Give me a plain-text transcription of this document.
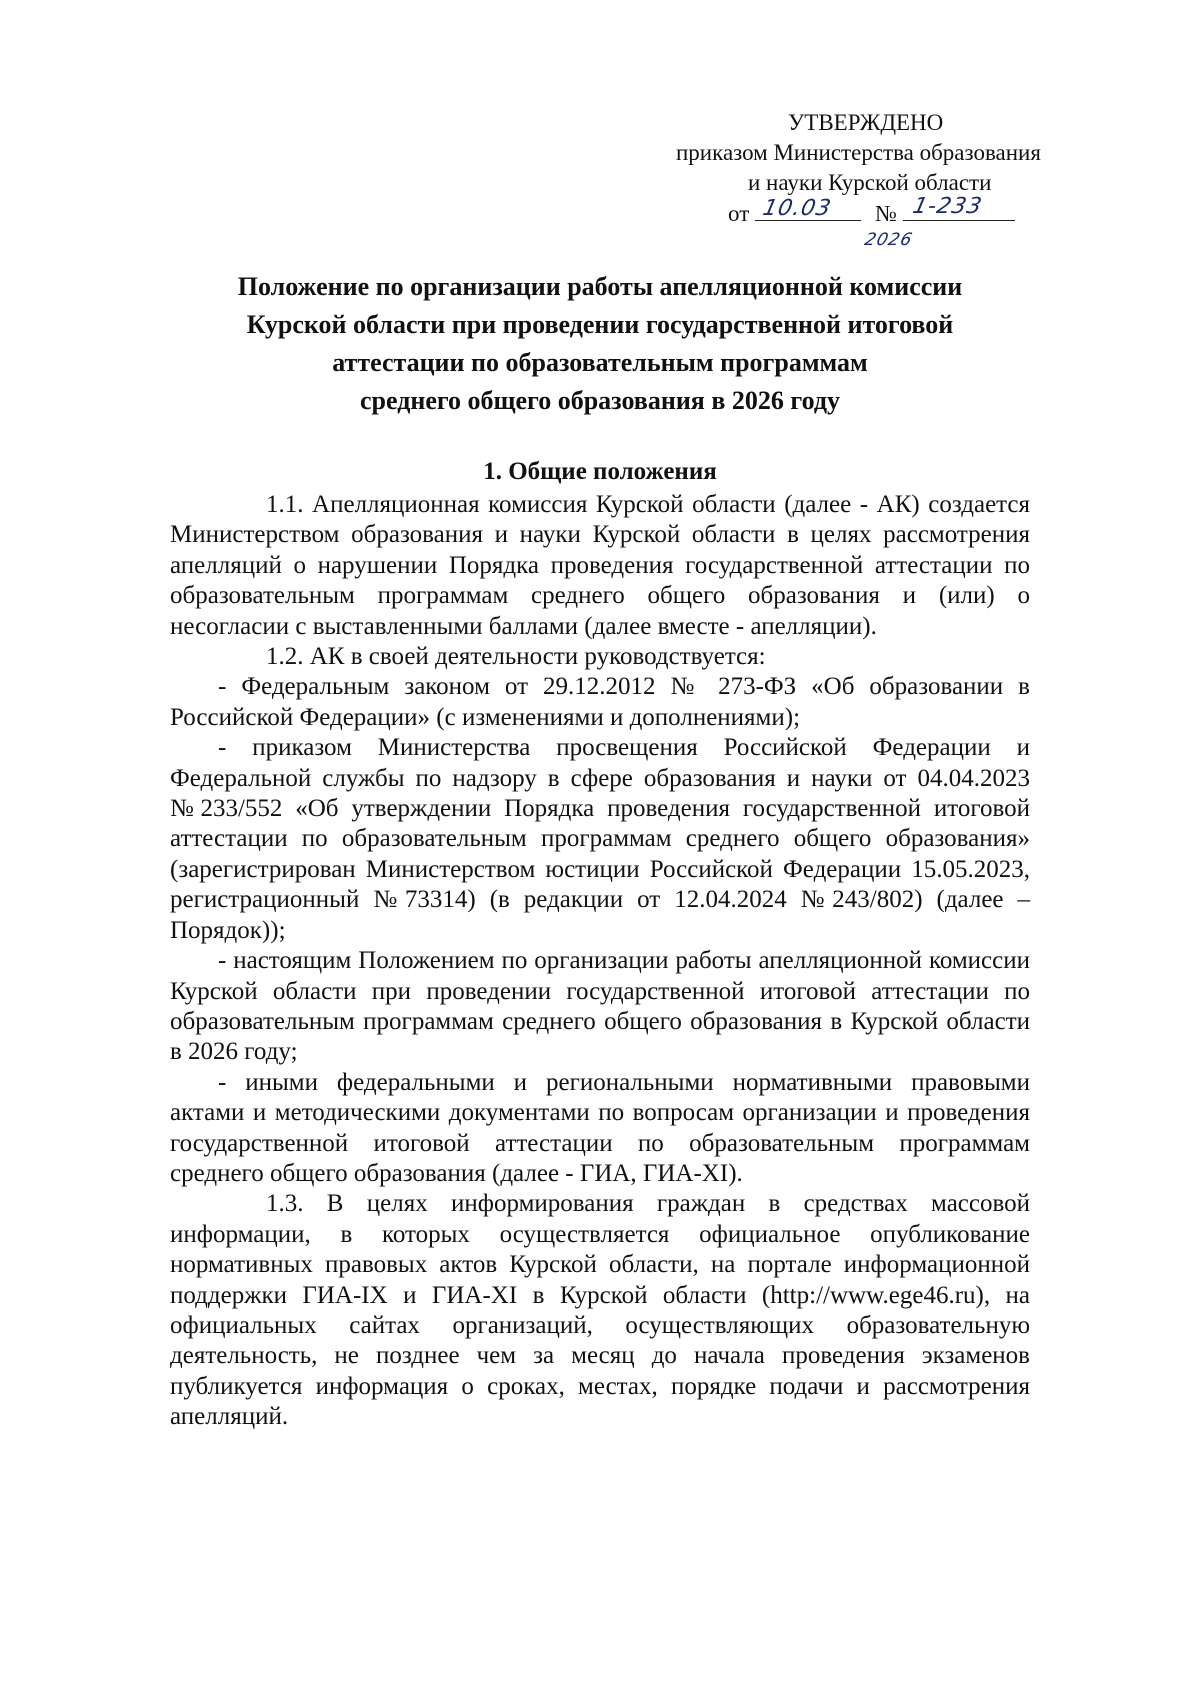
УТВЕРЖДЕНО
приказом Министерства образования
и науки Курской области
от 10.03
2026
№ 1-233
Положение по организации работы апелляционной комиссии
Курской области при проведении государственной итоговой
аттестации по образовательным программам
среднего общего образования в 2026 году
1. Общие положения

1.1. Апелляционная комиссия Курской области (далее - АК) создается Министерством образования и науки Курской области в целях рассмотрения апелляций о нарушении Порядка проведения государственной аттестации по образовательным программам среднего общего образования и (или) о несогласии с выставленными баллами (далее вместе - апелляции).

1.2. АК в своей деятельности руководствуется:

- Федеральным законом от 29.12.2012 № 273-ФЗ «Об образовании в Российской Федерации» (с изменениями и дополнениями);

- приказом Министерства просвещения Российской Федерации и Федеральной службы по надзору в сфере образования и науки от 04.04.2023 №233/552 «Об утверждении Порядка проведения государственной итоговой аттестации по образовательным программам среднего общего образования» (зарегистрирован Министерством юстиции Российской Федерации 15.05.2023, регистрационный №73314) (в редакции от 12.04.2024 №243/802) (далее – Порядок));

- настоящим Положением по организации работы апелляционной комиссии Курской области при проведении государственной итоговой аттестации по образовательным программам среднего общего образования в Курской области в 2026 году;

- иными федеральными и региональными нормативными правовыми актами и методическими документами по вопросам организации и проведения государственной итоговой аттестации по образовательным программам среднего общего образования (далее - ГИА, ГИА-XI).

1.3. В целях информирования граждан в средствах массовой информации, в которых осуществляется официальное опубликование нормативных правовых актов Курской области, на портале информационной поддержки ГИА-IX и ГИА-XI в Курской области (http://www.ege46.ru), на официальных сайтах организаций, осуществляющих образовательную деятельность, не позднее чем за месяц до начала проведения экзаменов публикуется информация о сроках, местах, порядке подачи и рассмотрения апелляций.
